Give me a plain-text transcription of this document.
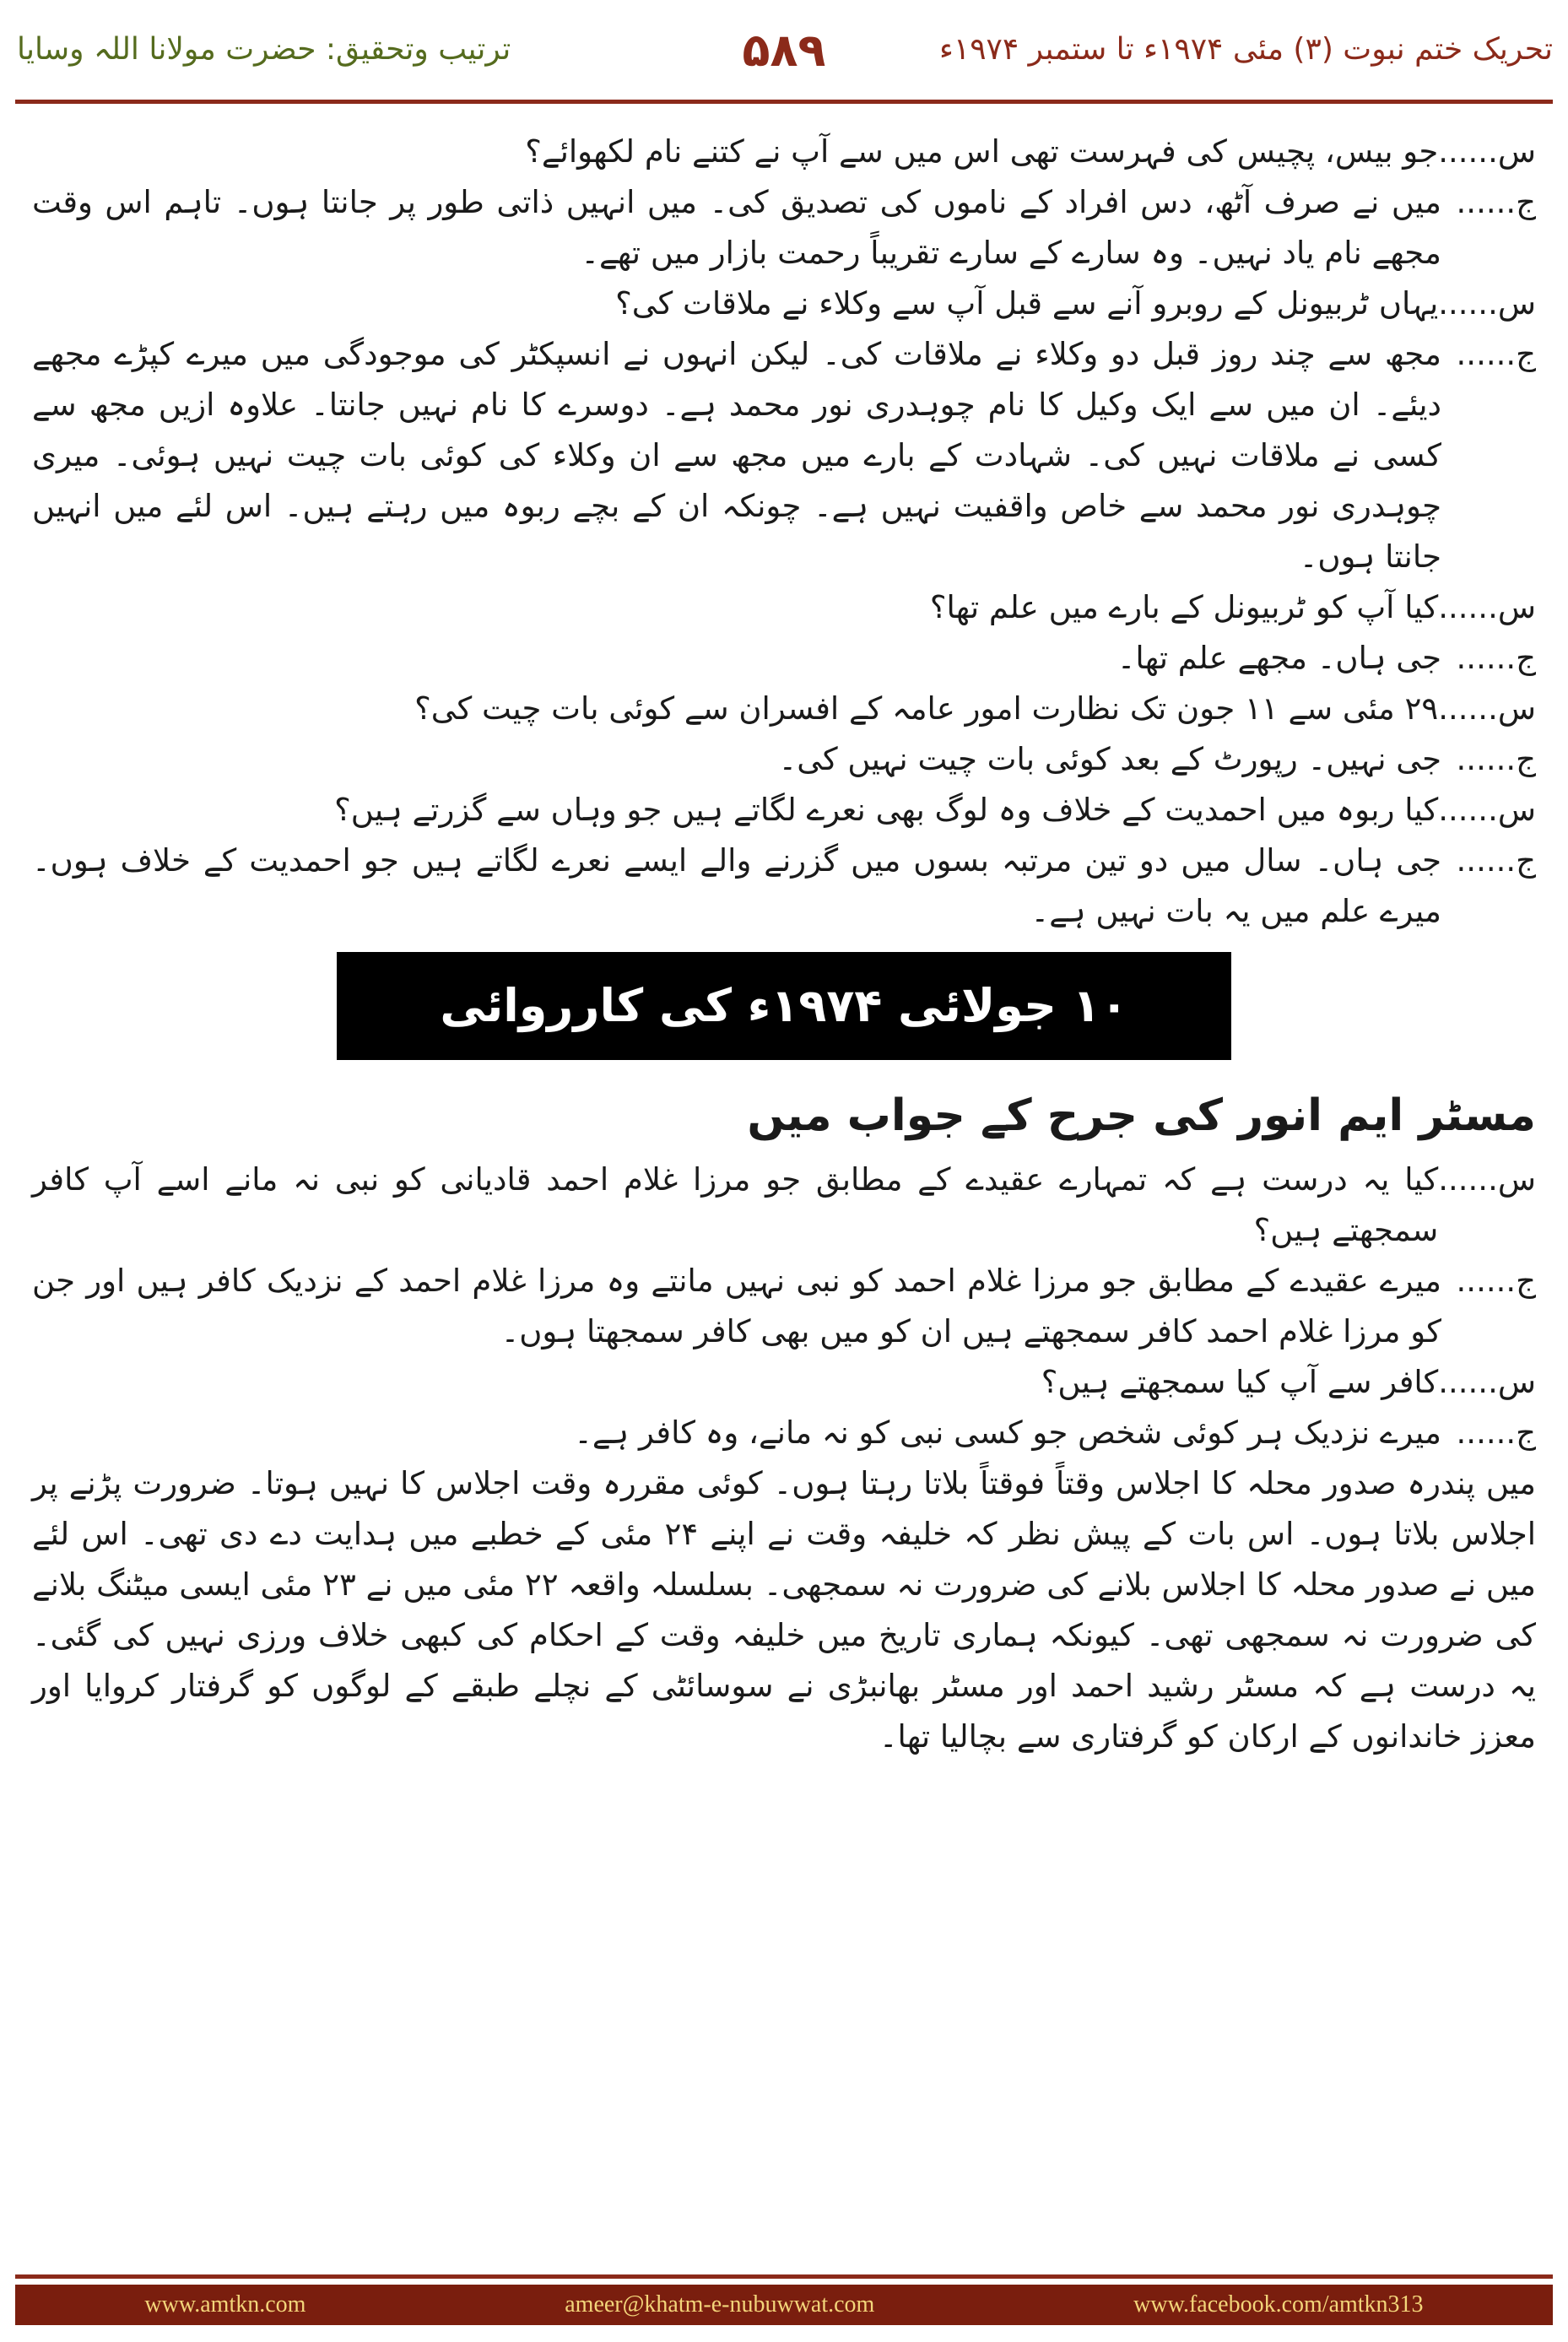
تحریک ختم نبوت (۳) مئی ۱۹۷۴ء تا ستمبر ۱۹۷۴ء
۵۸۹
ترتیب وتحقیق: حضرت مولانا اللہ وسایا
س......
جو بیس، پچیس کی فہرست تھی اس میں سے آپ نے کتنے نام لکھوائے؟
ج......
میں نے صرف آٹھ، دس افراد کے ناموں کی تصدیق کی۔ میں انہیں ذاتی طور پر جانتا ہوں۔ تاہم اس وقت مجھے نام یاد نہیں۔ وہ سارے کے سارے تقریباً رحمت بازار میں تھے۔
س......
یہاں ٹربیونل کے روبرو آنے سے قبل آپ سے وکلاء نے ملاقات کی؟
ج......
مجھ سے چند روز قبل دو وکلاء نے ملاقات کی۔ لیکن انہوں نے انسپکٹر کی موجودگی میں میرے کپڑے مجھے دیئے۔ ان میں سے ایک وکیل کا نام چوہدری نور محمد ہے۔ دوسرے کا نام نہیں جانتا۔ علاوہ ازیں مجھ سے کسی نے ملاقات نہیں کی۔ شہادت کے بارے میں مجھ سے ان وکلاء کی کوئی بات چیت نہیں ہوئی۔ میری چوہدری نور محمد سے خاص واقفیت نہیں ہے۔ چونکہ ان کے بچے ربوہ میں رہتے ہیں۔ اس لئے میں انہیں جانتا ہوں۔
س......
کیا آپ کو ٹربیونل کے بارے میں علم تھا؟
ج......
جی ہاں۔ مجھے علم تھا۔
س......
۲۹ مئی سے ۱۱ جون تک نظارت امور عامہ کے افسران سے کوئی بات چیت کی؟
ج......
جی نہیں۔ رپورٹ کے بعد کوئی بات چیت نہیں کی۔
س......
کیا ربوہ میں احمدیت کے خلاف وہ لوگ بھی نعرے لگاتے ہیں جو وہاں سے گزرتے ہیں؟
ج......
جی ہاں۔ سال میں دو تین مرتبہ بسوں میں گزرنے والے ایسے نعرے لگاتے ہیں جو احمدیت کے خلاف ہوں۔ میرے علم میں یہ بات نہیں ہے۔
۱۰ جولائی ۱۹۷۴ء کی کارروائی
مسٹر ایم انور کی جرح کے جواب میں
س......
کیا یہ درست ہے کہ تمہارے عقیدے کے مطابق جو مرزا غلام احمد قادیانی کو نبی نہ مانے اسے آپ کافر سمجھتے ہیں؟
ج......
میرے عقیدے کے مطابق جو مرزا غلام احمد کو نبی نہیں مانتے وہ مرزا غلام احمد کے نزدیک کافر ہیں اور جن کو مرزا غلام احمد کافر سمجھتے ہیں ان کو میں بھی کافر سمجھتا ہوں۔
س......
کافر سے آپ کیا سمجھتے ہیں؟
ج......
میرے نزدیک ہر کوئی شخص جو کسی نبی کو نہ مانے، وہ کافر ہے۔

میں پندرہ صدور محلہ کا اجلاس وقتاً فوقتاً بلاتا رہتا ہوں۔ کوئی مقررہ وقت اجلاس کا نہیں ہوتا۔ ضرورت پڑنے پر اجلاس بلاتا ہوں۔ اس بات کے پیش نظر کہ خلیفہ وقت نے اپنے ۲۴ مئی کے خطبے میں ہدایت دے دی تھی۔ اس لئے میں نے صدور محلہ کا اجلاس بلانے کی ضرورت نہ سمجھی۔ بسلسلہ واقعہ ۲۲ مئی میں نے ۲۳ مئی ایسی میٹنگ بلانے کی ضرورت نہ سمجھی تھی۔ کیونکہ ہماری تاریخ میں خلیفہ وقت کے احکام کی کبھی خلاف ورزی نہیں کی گئی۔ یہ درست ہے کہ مسٹر رشید احمد اور مسٹر بھانبڑی نے سوسائٹی کے نچلے طبقے کے لوگوں کو گرفتار کروایا اور معزز خاندانوں کے ارکان کو گرفتاری سے بچالیا تھا۔

www.amtkn.com	ameer@khatm-e-nubuwwat.com	www.facebook.com/amtkn313
